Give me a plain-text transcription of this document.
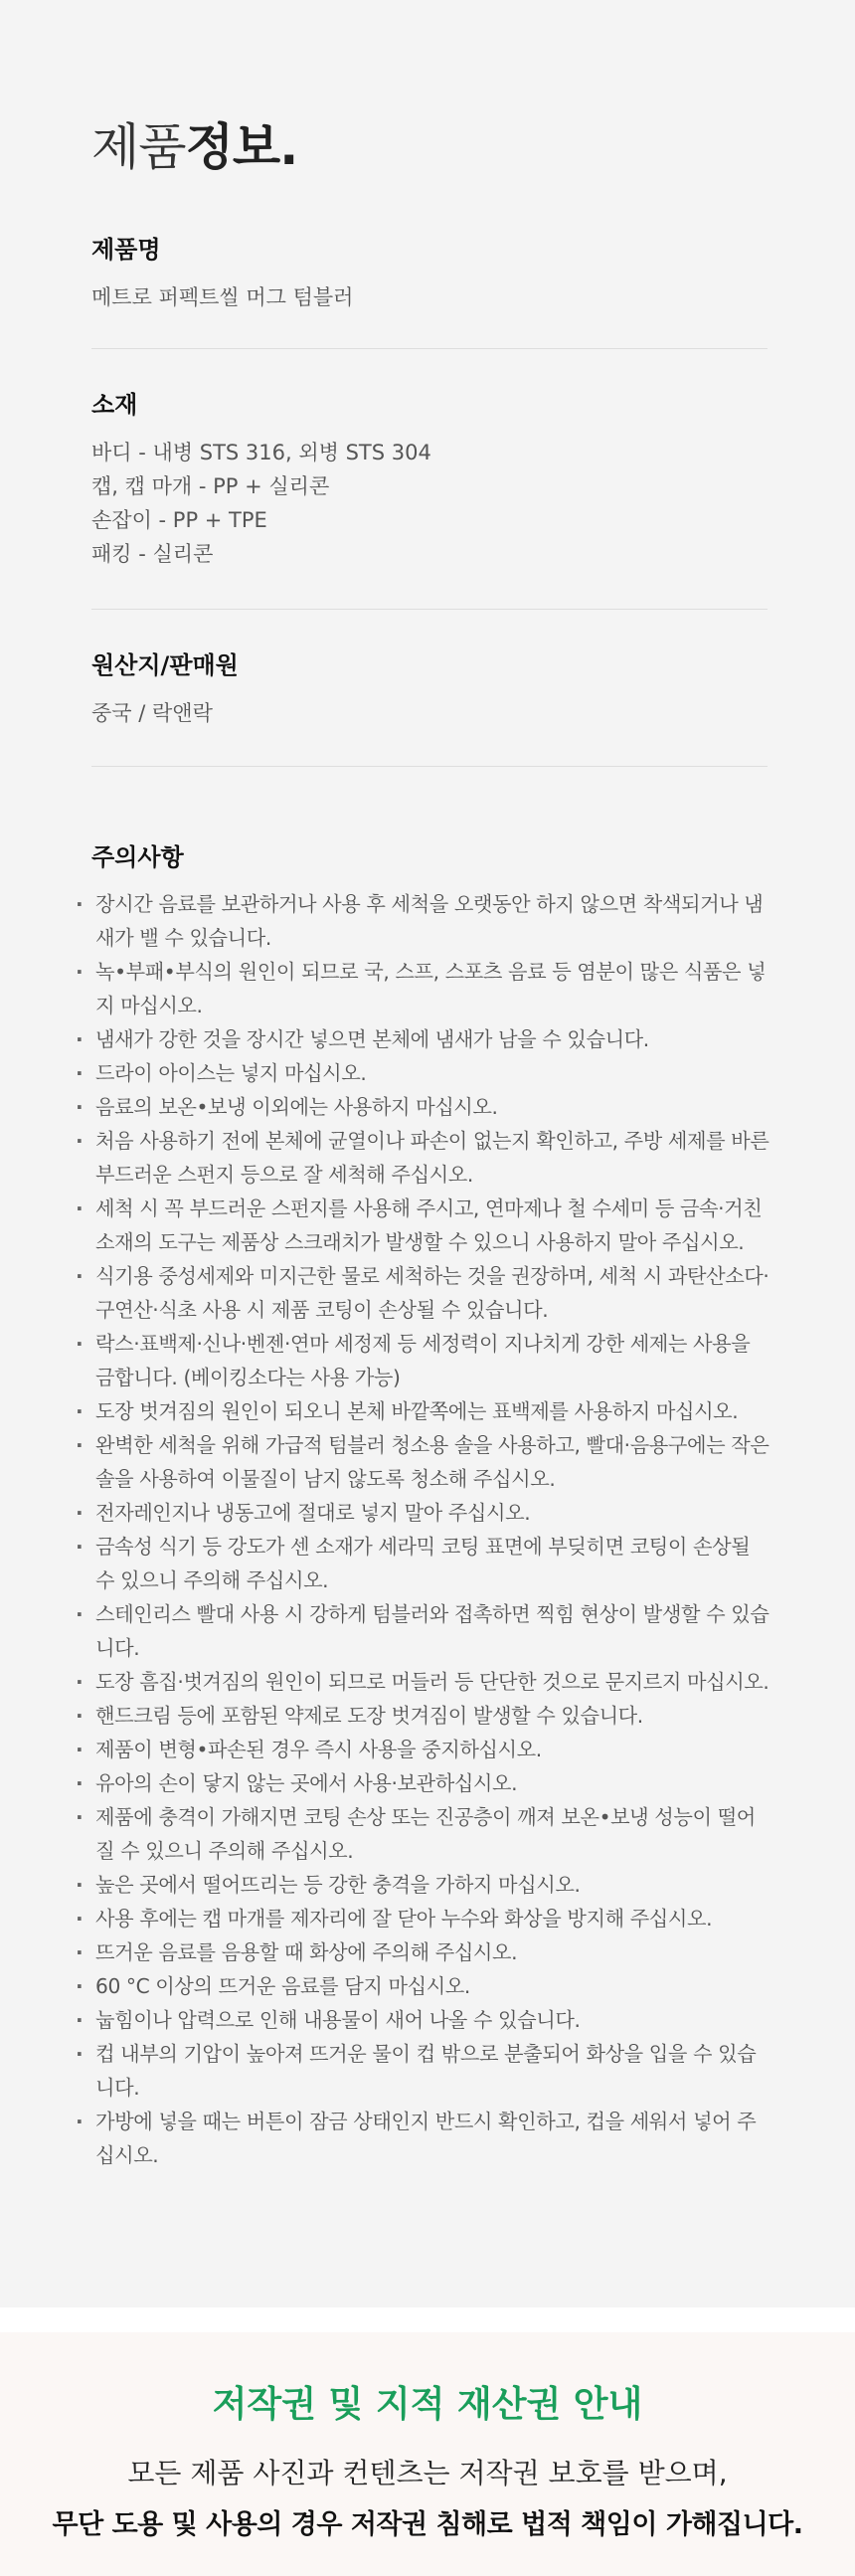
제품정보.
제품명
메트로 퍼펙트씰 머그 텀블러
소재
바디 - 내병 STS 316, 외병 STS 304
캡, 캡 마개 - PP + 실리콘
손잡이 - PP + TPE
패킹 - 실리콘
원산지/판매원
중국 / 락앤락
주의사항
· 장시간 음료를 보관하거나 사용 후 세척을 오랫동안 하지 않으면 착색되거나 냄새가 밸 수 있습니다.
· 녹•부패•부식의 원인이 되므로 국, 스프, 스포츠 음료 등 염분이 많은 식품은 넣지 마십시오.
· 냄새가 강한 것을 장시간 넣으면 본체에 냄새가 남을 수 있습니다.
· 드라이 아이스는 넣지 마십시오.
· 음료의 보온•보냉 이외에는 사용하지 마십시오.
· 처음 사용하기 전에 본체에 균열이나 파손이 없는지 확인하고, 주방 세제를 바른 부드러운 스펀지 등으로 잘 세척해 주십시오.
· 세척 시 꼭 부드러운 스펀지를 사용해 주시고, 연마제나 철 수세미 등 금속·거친 소재의 도구는 제품상 스크래치가 발생할 수 있으니 사용하지 말아 주십시오.
· 식기용 중성세제와 미지근한 물로 세척하는 것을 권장하며, 세척 시 과탄산소다·구연산·식초 사용 시 제품 코팅이 손상될 수 있습니다.
· 락스·표백제·신나·벤젠·연마 세정제 등 세정력이 지나치게 강한 세제는 사용을 금합니다. (베이킹소다는 사용 가능)
· 도장 벗겨짐의 원인이 되오니 본체 바깥쪽에는 표백제를 사용하지 마십시오.
· 완벽한 세척을 위해 가급적 텀블러 청소용 솔을 사용하고, 빨대·음용구에는 작은 솔을 사용하여 이물질이 남지 않도록 청소해 주십시오.
· 전자레인지나 냉동고에 절대로 넣지 말아 주십시오.
· 금속성 식기 등 강도가 센 소재가 세라믹 코팅 표면에 부딪히면 코팅이 손상될 수 있으니 주의해 주십시오.
· 스테인리스 빨대 사용 시 강하게 텀블러와 접촉하면 찍힘 현상이 발생할 수 있습니다.
· 도장 흠집·벗겨짐의 원인이 되므로 머들러 등 단단한 것으로 문지르지 마십시오.
· 핸드크림 등에 포함된 약제로 도장 벗겨짐이 발생할 수 있습니다.
· 제품이 변형•파손된 경우 즉시 사용을 중지하십시오.
· 유아의 손이 닿지 않는 곳에서 사용·보관하십시오.
· 제품에 충격이 가해지면 코팅 손상 또는 진공층이 깨져 보온•보냉 성능이 떨어질 수 있으니 주의해 주십시오.
· 높은 곳에서 떨어뜨리는 등 강한 충격을 가하지 마십시오.
· 사용 후에는 캡 마개를 제자리에 잘 닫아 누수와 화상을 방지해 주십시오.
· 뜨거운 음료를 음용할 때 화상에 주의해 주십시오.
· 60 °C 이상의 뜨거운 음료를 담지 마십시오.
· 눕힘이나 압력으로 인해 내용물이 새어 나올 수 있습니다.
· 컵 내부의 기압이 높아져 뜨거운 물이 컵 밖으로 분출되어 화상을 입을 수 있습니다.
· 가방에 넣을 때는 버튼이 잠금 상태인지 반드시 확인하고, 컵을 세워서 넣어 주십시오.
저작권 및 지적 재산권 안내
모든 제품 사진과 컨텐츠는 저작권 보호를 받으며,
무단 도용 및 사용의 경우 저작권 침해로 법적 책임이 가해집니다.
